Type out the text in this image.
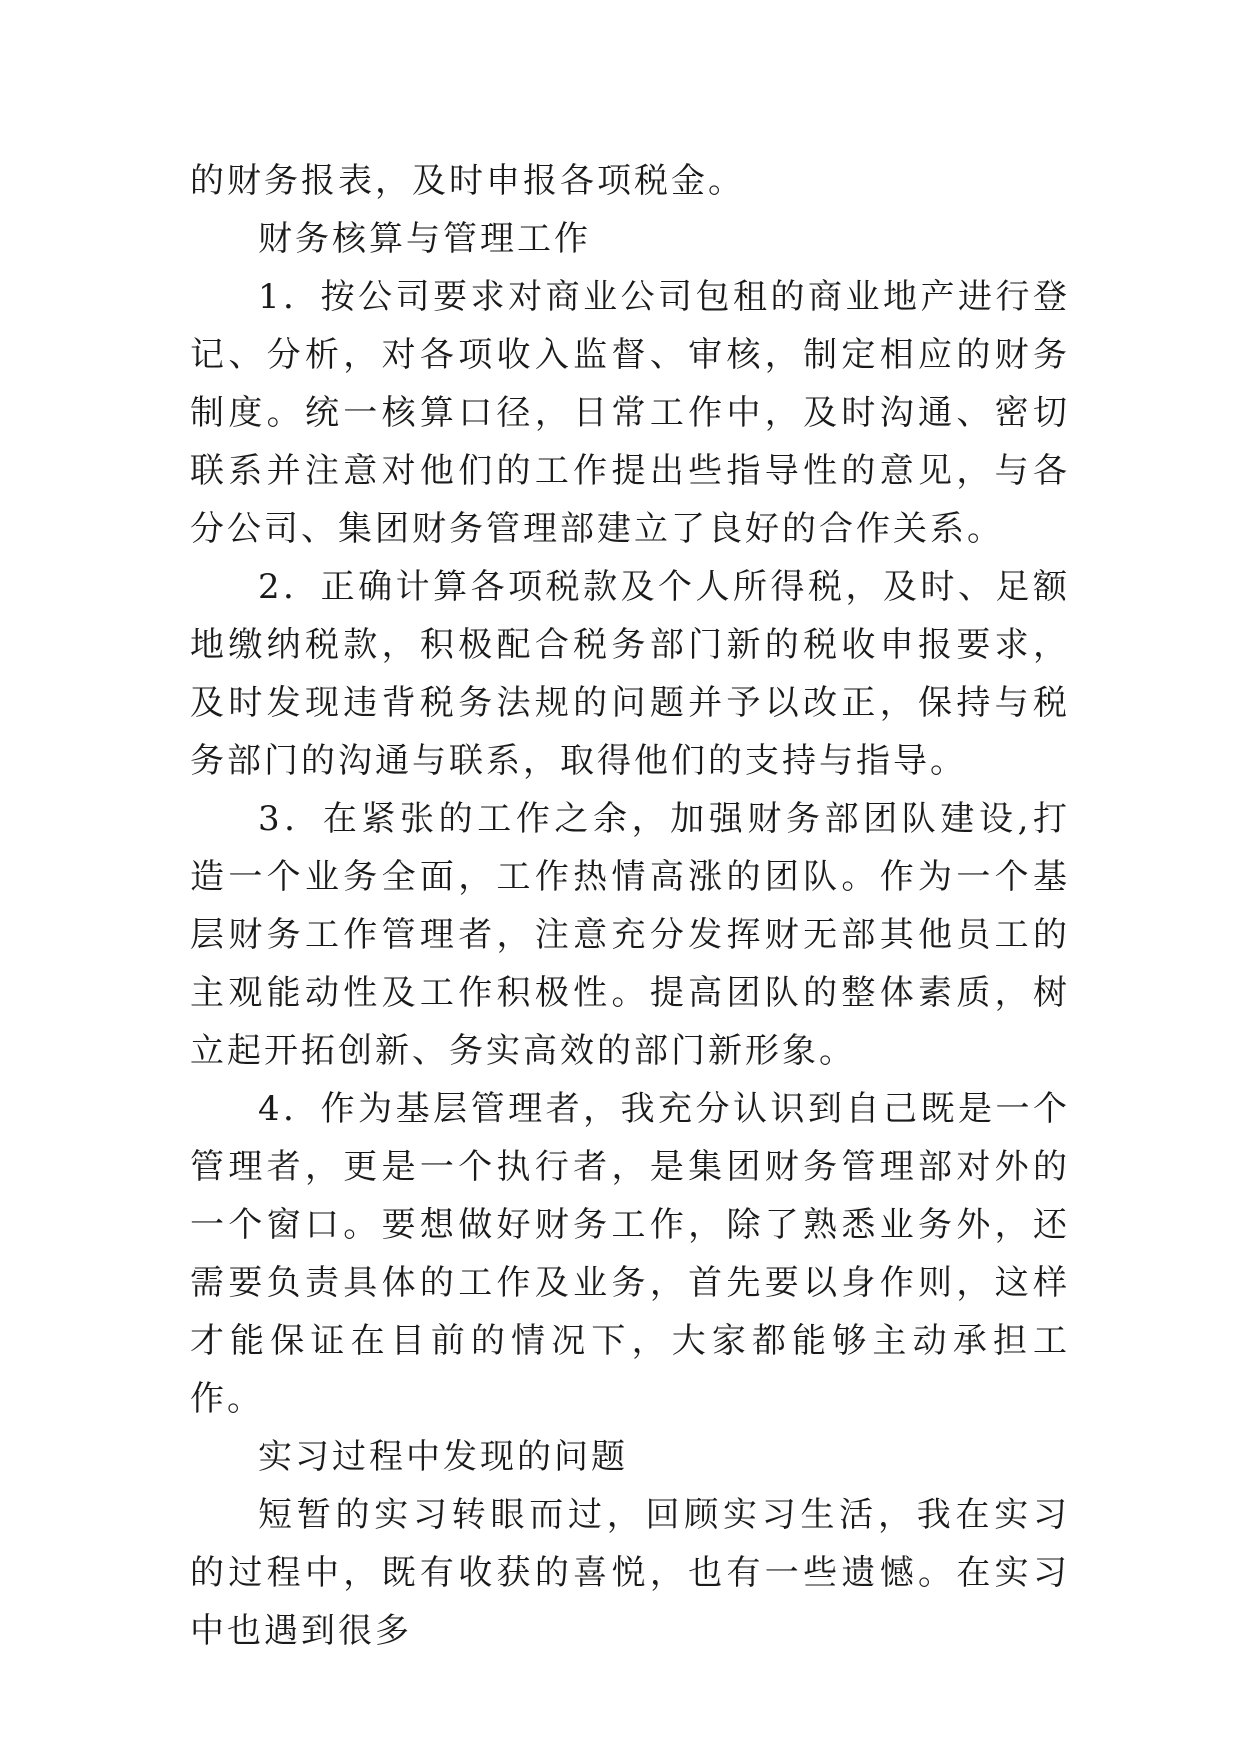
的财务报表，及时申报各项税金。

财务核算与管理工作

1．按公司要求对商业公司包租的商业地产进行登记、分析，对各项收入监督、审核，制定相应的财务制度。统一核算口径，日常工作中，及时沟通、密切联系并注意对他们的工作提出些指导性的意见，与各分公司、集团财务管理部建立了良好的合作关系。

2．正确计算各项税款及个人所得税，及时、足额地缴纳税款，积极配合税务部门新的税收申报要求，及时发现违背税务法规的问题并予以改正，保持与税务部门的沟通与联系，取得他们的支持与指导。

3．在紧张的工作之余，加强财务部团队建设,打造一个业务全面，工作热情高涨的团队。作为一个基层财务工作管理者，注意充分发挥财无部其他员工的主观能动性及工作积极性。提高团队的整体素质，树立起开拓创新、务实高效的部门新形象。

4．作为基层管理者，我充分认识到自己既是一个管理者，更是一个执行者，是集团财务管理部对外的一个窗口。要想做好财务工作，除了熟悉业务外，还需要负责具体的工作及业务，首先要以身作则，这样才能保证在目前的情况下，大家都能够主动承担工作。

实习过程中发现的问题

短暂的实习转眼而过，回顾实习生活，我在实习的过程中，既有收获的喜悦，也有一些遗憾。在实习中也遇到很多
